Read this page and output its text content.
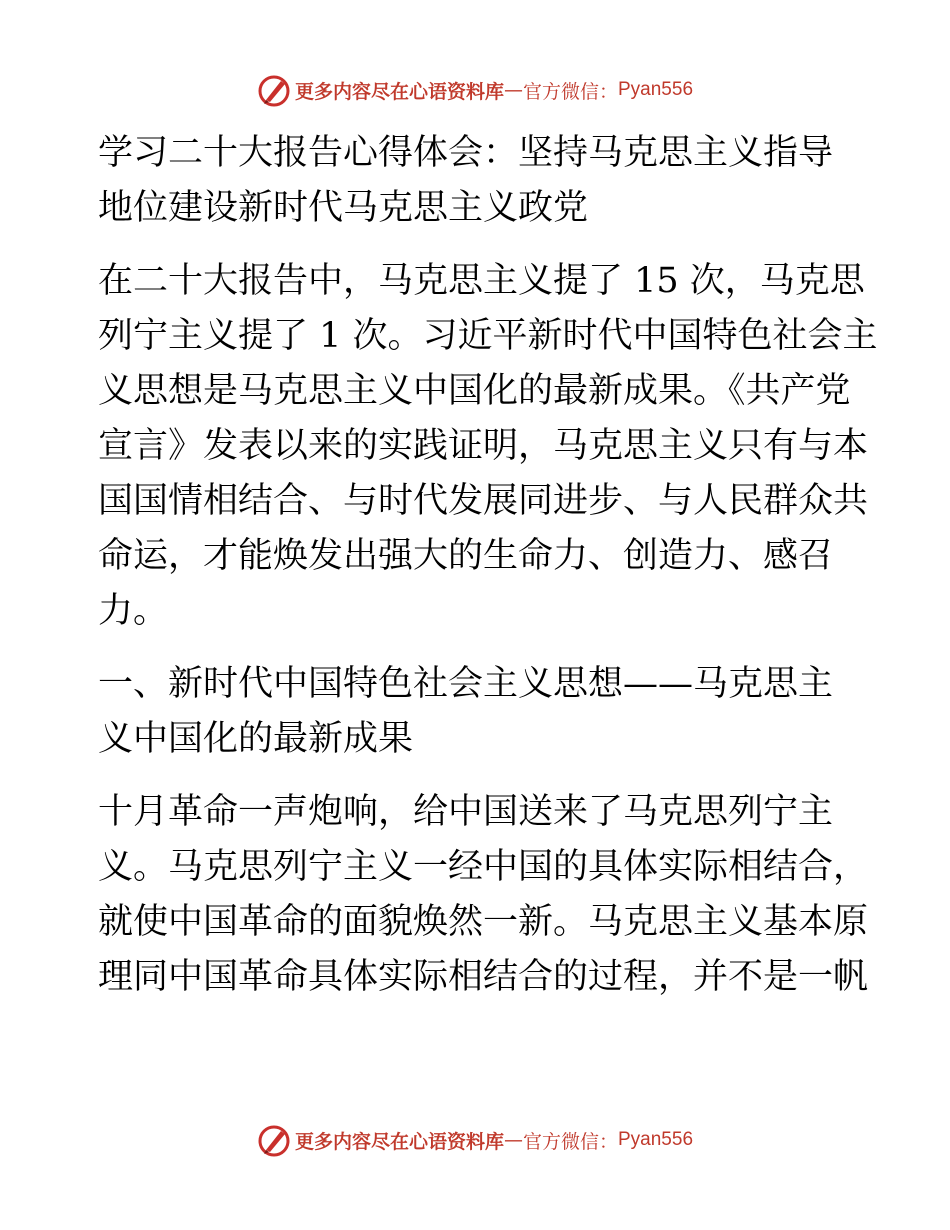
更多内容尽在心语资料库 — 官方微信： Pyan556
学习二十大报告心得体会：坚持马克思主义指导
地位建设新时代马克思主义政党
在二十大报告中，马克思主义提了 15 次，马克思
列宁主义提了 1 次。习近平新时代中国特色社会主
义思想是马克思主义中国化的最新成果。《共产党
宣言》发表以来的实践证明，马克思主义只有与本
国国情相结合、与时代发展同进步、与人民群众共
命运，才能焕发出强大的生命力、创造力、感召
力。
一、新时代中国特色社会主义思想——马克思主
义中国化的最新成果
十月革命一声炮响，给中国送来了马克思列宁主
义。马克思列宁主义一经中国的具体实际相结合，
就使中国革命的面貌焕然一新。马克思主义基本原
理同中国革命具体实际相结合的过程，并不是一帆
更多内容尽在心语资料库 — 官方微信： Pyan556
